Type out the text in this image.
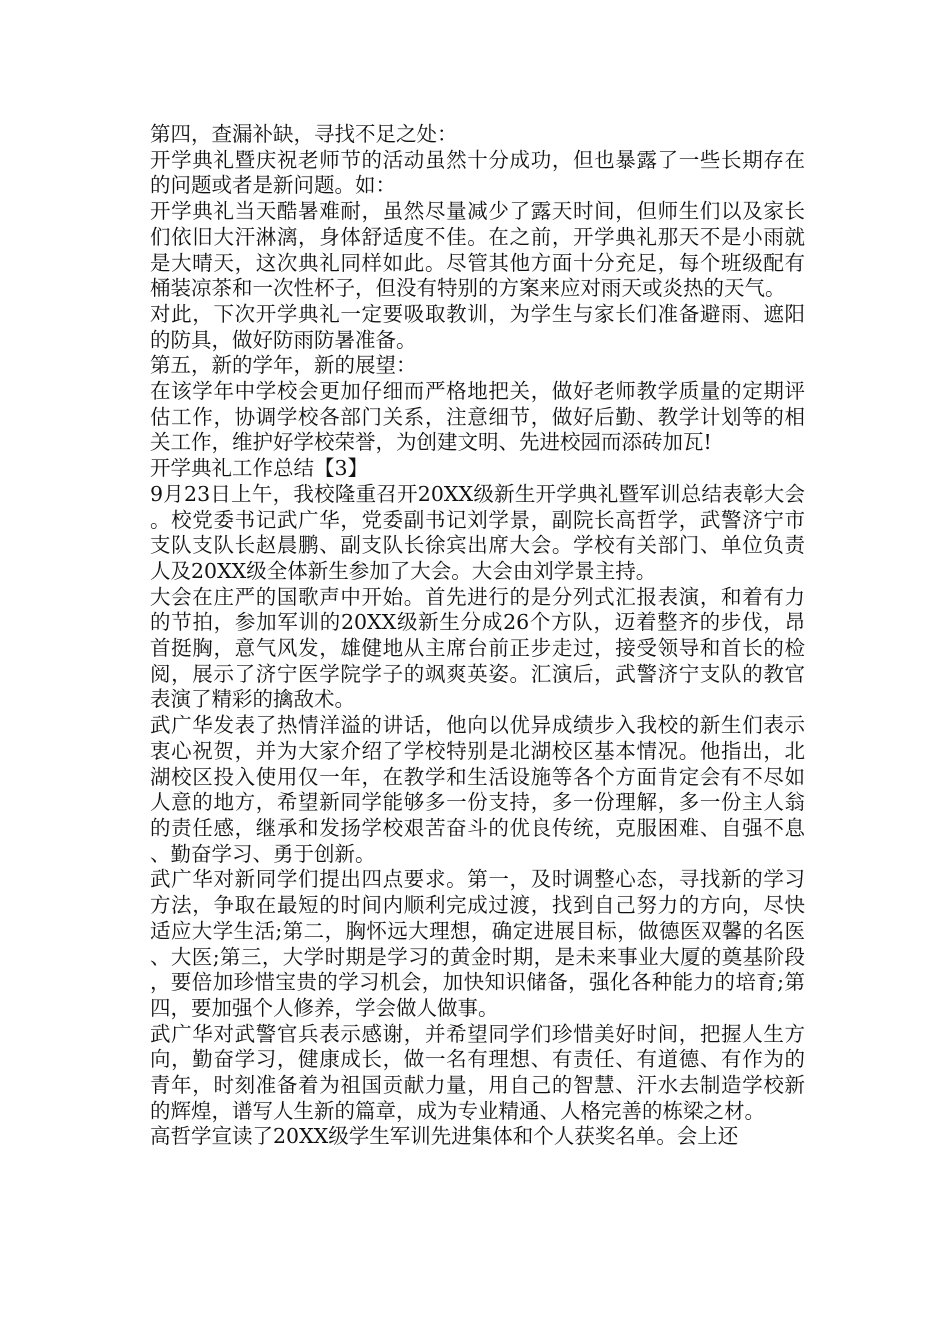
第四，查漏补缺，寻找不足之处：

开学典礼暨庆祝老师节的活动虽然十分成功，但也暴露了一些长期存在的问题或者是新问题。如：

开学典礼当天酷暑难耐，虽然尽量减少了露天时间，但师生们以及家长们依旧大汗淋漓，身体舒适度不佳。在之前，开学典礼那天不是小雨就是大晴天，这次典礼同样如此。尽管其他方面十分充足，每个班级配有桶装凉茶和一次性杯子，但没有特别的方案来应对雨天或炎热的天气。

对此，下次开学典礼一定要吸取教训，为学生与家长们准备避雨、遮阳的防具，做好防雨防暑准备。

第五，新的学年，新的展望：

在该学年中学校会更加仔细而严格地把关，做好老师教学质量的定期评估工作，协调学校各部门关系，注意细节，做好后勤、教学计划等的相关工作，维护好学校荣誉，为创建文明、先进校园而添砖加瓦!

开学典礼工作总结【3】

9月23日上午，我校隆重召开20XX级新生开学典礼暨军训总结表彰大会。校党委书记武广华，党委副书记刘学景，副院长高哲学，武警济宁市支队支队长赵晨鹏、副支队长徐宾出席大会。学校有关部门、单位负责人及20XX级全体新生参加了大会。大会由刘学景主持。

大会在庄严的国歌声中开始。首先进行的是分列式汇报表演，和着有力的节拍，参加军训的20XX级新生分成26个方队，迈着整齐的步伐，昂首挺胸，意气风发，雄健地从主席台前正步走过，接受领导和首长的检阅，展示了济宁医学院学子的飒爽英姿。汇演后，武警济宁支队的教官表演了精彩的擒敌术。

武广华发表了热情洋溢的讲话，他向以优异成绩步入我校的新生们表示衷心祝贺，并为大家介绍了学校特别是北湖校区基本情况。他指出，北湖校区投入使用仅一年，在教学和生活设施等各个方面肯定会有不尽如人意的地方，希望新同学能够多一份支持，多一份理解，多一份主人翁的责任感，继承和发扬学校艰苦奋斗的优良传统，克服困难、自强不息、勤奋学习、勇于创新。

武广华对新同学们提出四点要求。第一，及时调整心态，寻找新的学习方法，争取在最短的时间内顺利完成过渡，找到自己努力的方向，尽快适应大学生活;第二，胸怀远大理想，确定进展目标，做德医双馨的名医、大医;第三，大学时期是学习的黄金时期，是未来事业大厦的奠基阶段，要倍加珍惜宝贵的学习机会，加快知识储备，强化各种能力的培育;第四，要加强个人修养，学会做人做事。

武广华对武警官兵表示感谢，并希望同学们珍惜美好时间，把握人生方向，勤奋学习，健康成长，做一名有理想、有责任、有道德、有作为的青年，时刻准备着为祖国贡献力量，用自己的智慧、汗水去制造学校新的辉煌，谱写人生新的篇章，成为专业精通、人格完善的栋梁之材。

高哲学宣读了20XX级学生军训先进集体和个人获奖名单。会上还
